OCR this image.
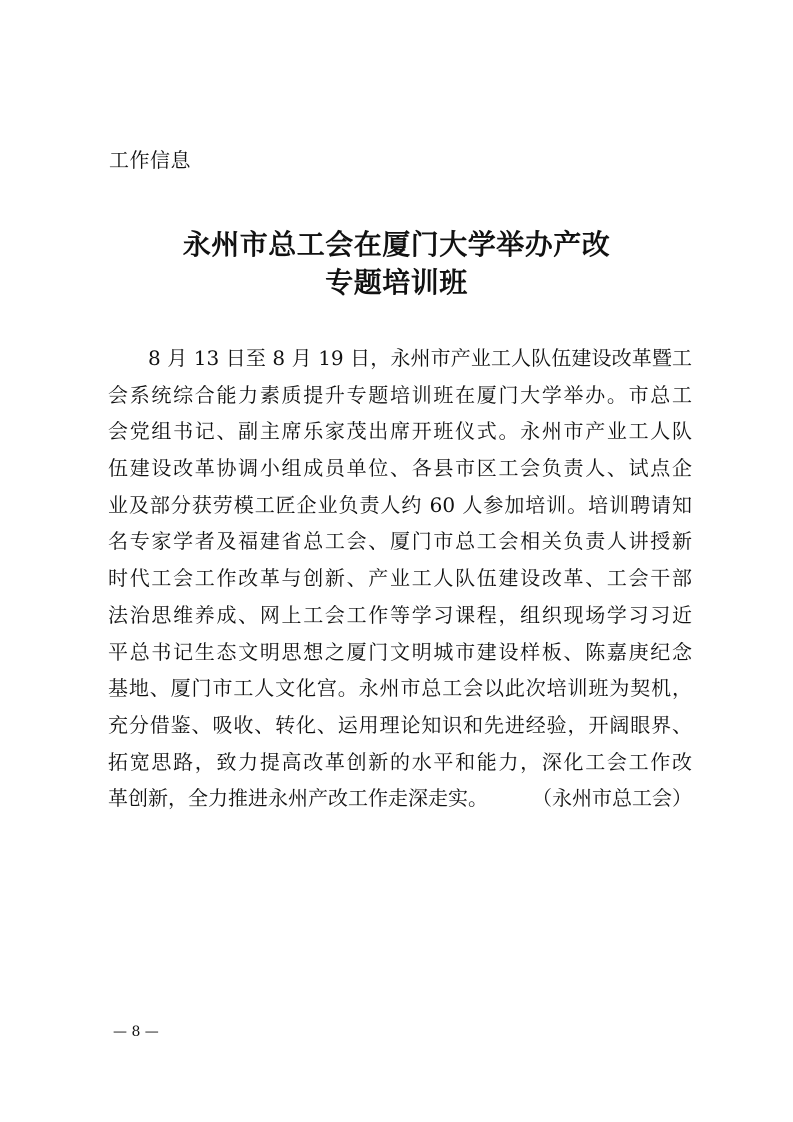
工作信息
永州市总工会在厦门大学举办产改
专题培训班
8 月 13 日至 8 月 19 日，永州市产业工人队伍建设改革暨工
会系统综合能力素质提升专题培训班在厦门大学举办。市总工
会党组书记、副主席乐家茂出席开班仪式。永州市产业工人队
伍建设改革协调小组成员单位、各县市区工会负责人、试点企
业及部分获劳模工匠企业负责人约 60 人参加培训。培训聘请知
名专家学者及福建省总工会、厦门市总工会相关负责人讲授新
时代工会工作改革与创新、产业工人队伍建设改革、工会干部
法治思维养成、网上工会工作等学习课程，组织现场学习习近
平总书记生态文明思想之厦门文明城市建设样板、陈嘉庚纪念
基地、厦门市工人文化宫。永州市总工会以此次培训班为契机，
充分借鉴、吸收、转化、运用理论知识和先进经验，开阔眼界、
拓宽思路，致力提高改革创新的水平和能力，深化工会工作改
革创新，全力推进永州产改工作走深走实。 （永州市总工会）
— 8 —
